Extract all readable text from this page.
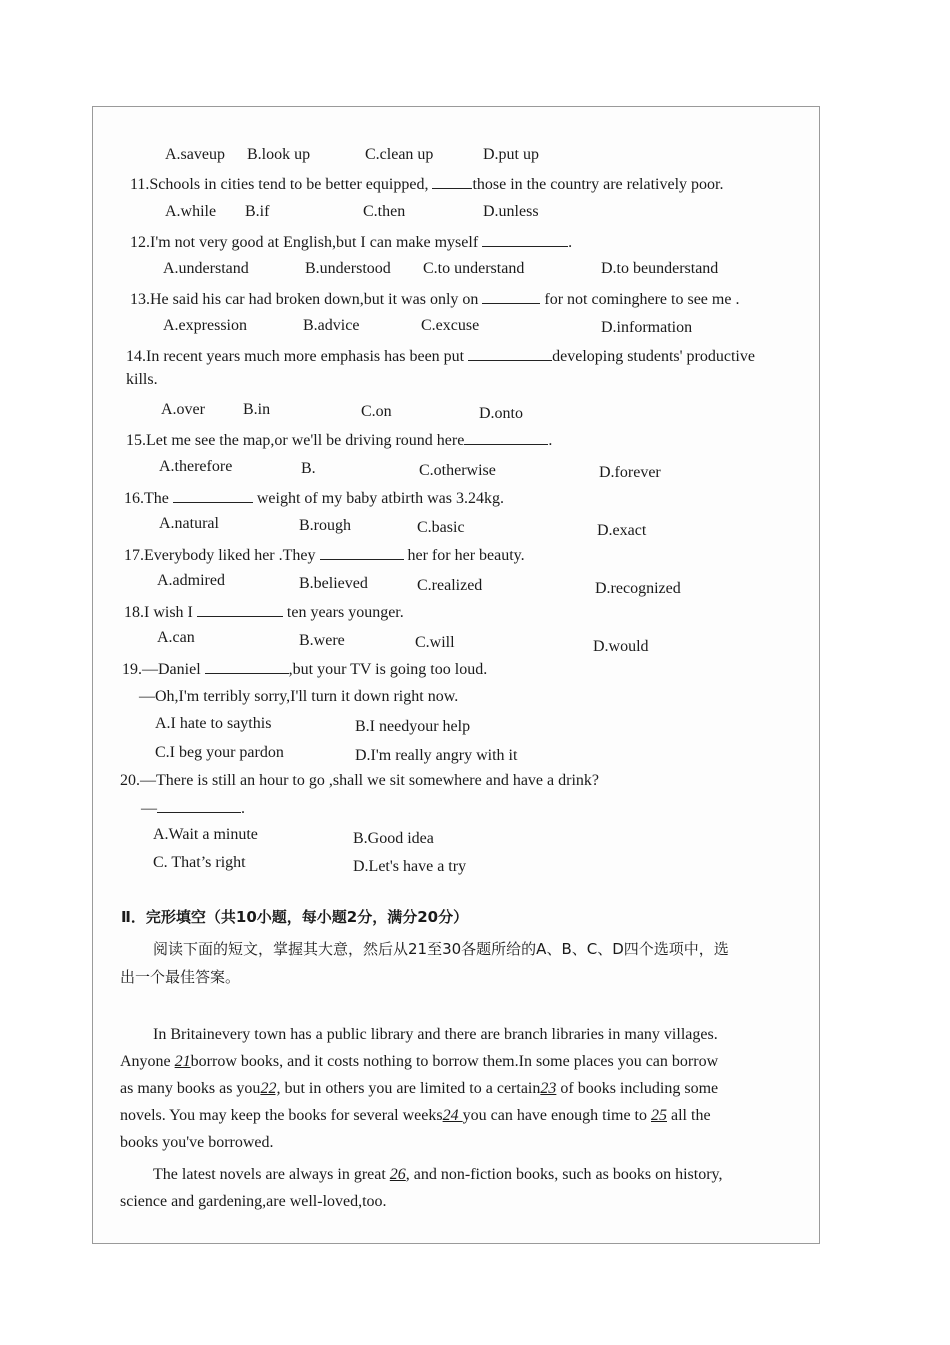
A.saveup B.look up	C.clean up	D.put up
11.Schools in cities tend to be better equipped,	those in the country are relatively poor.
A.while B.if	C.then	D.unless
12.I'm not very good at English,but I can make myself	.
A.understand	B.understood C.to understand	D.to beunderstand
13.He said his car had broken down,but it was only on	for not cominghere to see me .
A.expression	B.advice	C.excuse	D.information
14.In recent years much more emphasis has been put	developing students' productive
kills.
A.over B.in	C.on	D.onto
15.Let me see the map,or we'll be driving round here	.
A.therefore	B.	C.otherwise	D.forever
16.The	weight of my baby atbirth was 3.24kg.
A.natural	B.rough	C.basic	D.exact
17.Everybody liked her .They	her for her beauty.
A.admired	B.believed	C.realized	D.recognized
18.I wish I	ten years younger.
A.can	B.were	C.will	D.would
19.—Daniel	,but your TV is going too loud.
—Oh,I'm terribly sorry,I'll turn it down right now.
A.I hate to saythis	B.I needyour help
C.I beg your pardon	D.I'm really angry with it
20.—There is still an hour to go ,shall we sit somewhere and have a drink?
—	.
A.Wait a minute	B.Good idea
C. That’s right	D.Let's have a try
Ⅱ．完形填空（共10小题，每小题2分，满分20分）
阅读下面的短文，掌握其大意，然后从21至30各题所给的A、B、C、D四个选项中，选
出一个最佳答案。
In Britainevery town has a public library and there are branch libraries in many villages.
Anyone 21borrow books, and it costs nothing to borrow them.In some places you can borrow
as many books as you22, but in others you are limited to a certain23 of books including some
novels. You may keep the books for several weeks24 you can have enough time to 25 all the
books you've borrowed.
The latest novels are always in great 26, and non-fiction books, such as books on history,
science and gardening,are well-loved,too.
